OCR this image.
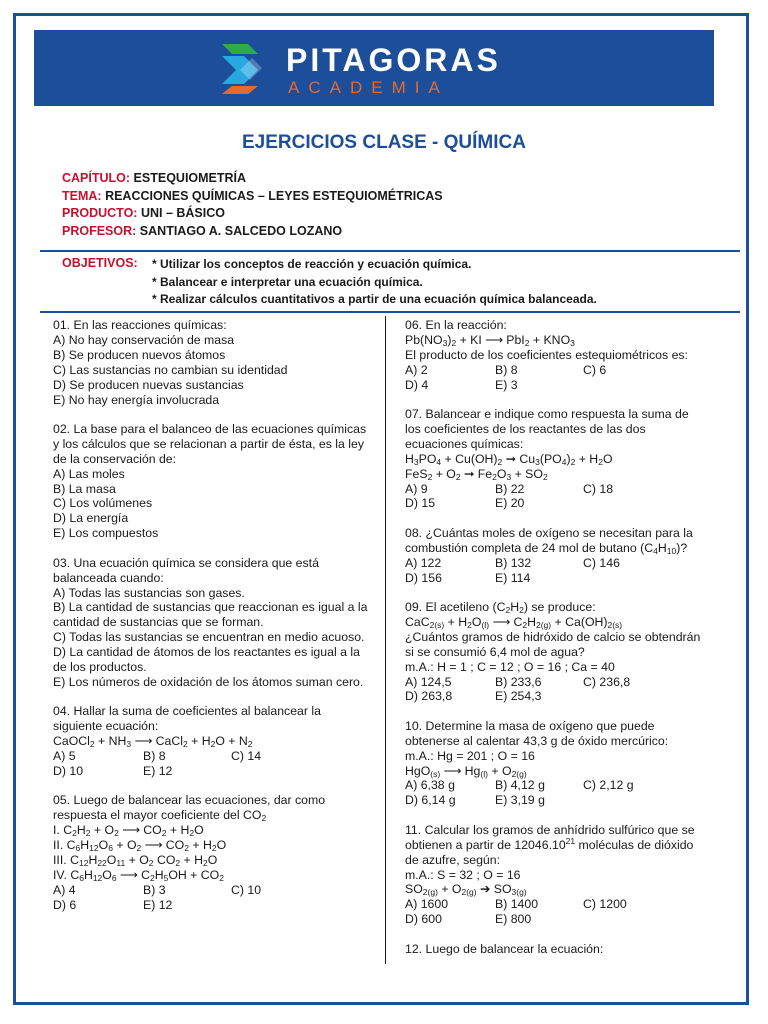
PITAGORAS
ACADEMIA
EJERCICIOS CLASE - QUÍMICA
CAPÍTULO: ESTEQUIOMETRÍA
TEMA: REACCIONES QUÍMICAS – LEYES ESTEQUIOMÉTRICAS
PRODUCTO: UNI – BÁSICO
PROFESOR: SANTIAGO A. SALCEDO LOZANO
OBJETIVOS: * Utilizar los conceptos de reacción y ecuación química.
* Balancear e interpretar una ecuación química.
* Realizar cálculos cuantitativos a partir de una ecuación química balanceada.

01. En las reacciones químicas:

A) No hay conservación de masa

B) Se producen nuevos átomos

C) Las sustancias no cambian su identidad

D) Se producen nuevas sustancias

E) No hay energía involucrada

02. La base para el balanceo de las ecuaciones químicas y los cálculos que se relacionan a partir de ésta, es la ley de la conservación de:

A) Las moles

B) La masa

C) Los volúmenes

D) La energía

E) Los compuestos

03. Una ecuación química se considera que está balanceada cuando:

A) Todas las sustancias son gases.

B) La cantidad de sustancias que reaccionan es igual a la cantidad de sustancias que se forman.

C) Todas las sustancias se encuentran en medio acuoso.

D) La cantidad de átomos de los reactantes es igual a la de los productos.

E) Los números de oxidación de los átomos suman cero.

04. Hallar la suma de coeficientes al balancear la siguiente ecuación:

CaOCl$_2$ + $NH_3$ ⟶ CaCl$_2$ + $H_2O + N_2$

A) 5	B) 8	C) 14
D) 10	E) 12

05. Luego de balancear las ecuaciones, dar como respuesta el mayor coeficiente del $CO_2$

I. $C_2H_2 + O_2$ ⟶ $CO_2 + H_2O$

II. $C_6H_{12}O_6 + O_2$ ⟶ $CO_2 + H_2O$

III. $C_{12}H_{22}O_{11} + O_2$ $CO_2 + H_2O$

IV. $C_6H_{12}O_6$ ⟶ $C_2H_5OH + CO_2$

A) 4	B) 3	C) 10
D) 6	E) 12

06. En la reacción:

$Pb(NO_3)_2$ + KI ⟶ $PbI_2 + KNO_3$

El producto de los coeficientes estequiométricos es:

A) 2	B) 8	C) 6
D) 4	E) 3

07. Balancear e indique como respuesta la suma de los coeficientes de los reactantes de las dos ecuaciones químicas:

$H_3PO_4 + Cu(OH)_2$ ➞ $Cu_3(PO_4)_2 + H_2O$

$FeS_2 + O_2$ ➞ $Fe_2O_3 + SO_2$

A) 9	B) 22	C) 18
D) 15	E) 20

08. ¿Cuántas moles de oxígeno se necesitan para la combustión completa de 24 mol de butano $(C_4H_{10})$?

A) 122	B) 132	C) 146
D) 156	E) 114

09. El acetileno $(C_2H_2)$ se produce:

$CaC_{2(s)} + H_2O_{(l)}$ ⟶ $C_2H_{2(g)} + Ca(OH)_{2(s)}$

¿Cuántos gramos de hidróxido de calcio se obtendrán si se consumió 6,4 mol de agua?

m.A.: H = 1 ; C = 12 ; O = 16 ; Ca = 40

A) 124,5	B) 233,6	C) 236,8
D) 263,8	E) 254,3

10. Determine la masa de oxígeno que puede obtenerse al calentar 43,3 g de óxido mercúrico:

m.A.: Hg = 201 ; O = 16

HgO$_{(s)}$ ⟶ $Hg_{(l)} + O_{2(g)}$

A) 6,38 g	B) 4,12 g	C) 2,12 g
D) 6,14 g	E) 3,19 g

11. Calcular los gramos de anhídrido sulfúrico que se obtienen a partir de 12046.10$^{21}$ moléculas de dióxido de azufre, según:

m.A.: S = 32 ; O = 16

$SO_{2(g)} + O_{2(g)}$ ➔ $SO_{3(g)}$

A) 1600	B) 1400	C) 1200
D) 600	E) 800

12. Luego de balancear la ecuación:
